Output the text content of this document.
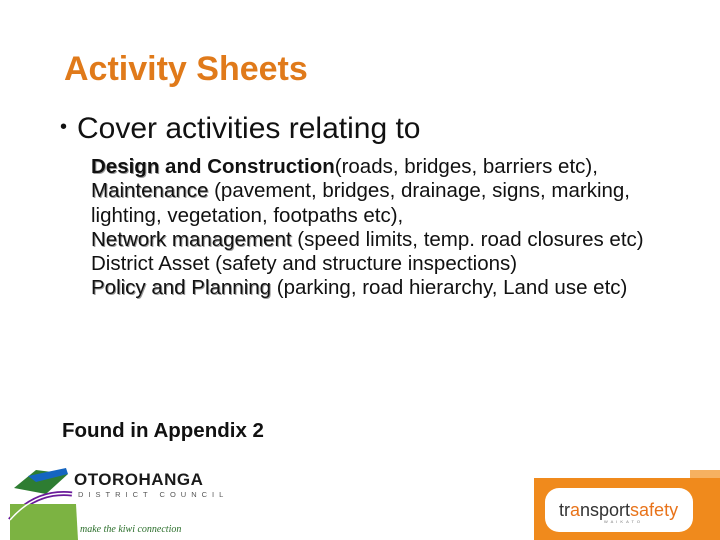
Activity Sheets
• Cover activities relating to
Design and Construction(roads, bridges, barriers etc),
Maintenance (pavement, bridges, drainage, signs, marking, lighting, vegetation, footpaths etc),
Network management (speed limits, temp. road closures etc)
District Asset (safety and structure inspections)
Policy and Planning (parking, road hierarchy, Land use etc)
Found in Appendix 2
OTOROHANGA
DISTRICT COUNCIL
make the kiwi connection
transportsafety
WAIKATO
